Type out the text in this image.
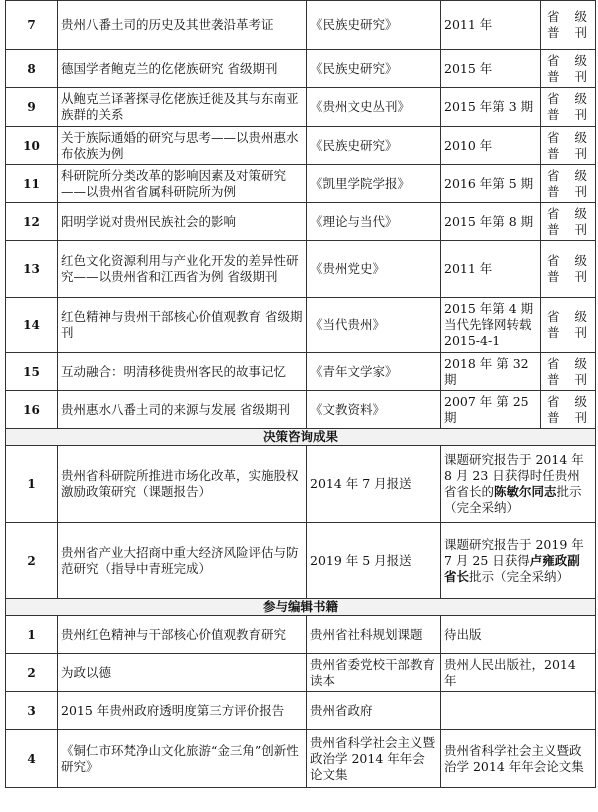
7	贵州八番土司的历史及其世袭沿革考证	《民族史研究》	2011 年	省 级 普 刊
8	德国学者鲍克兰的仡佬族研究 省级期刊	《民族史研究》	2015 年	省 级 普 刊
9	从鲍克兰译著探寻仡佬族迁徙及其与东南亚族群的关系	《贵州文史丛刊》	2015 年第 3 期	省 级 普 刊
10	关于族际通婚的研究与思考——以贵州惠水布依族为例	《民族史研究》	2010 年	省 级 普 刊
11	科研院所分类改革的影响因素及对策研究——以贵州省省属科研院所为例	《凯里学院学报》	2016 年第 5 期	省 级 普 刊
12	阳明学说对贵州民族社会的影响	《理论与当代》	2015 年第 8 期	省 级 普 刊
13	红色文化资源利用与产业化开发的差异性研究——以贵州省和江西省为例 省级期刊	《贵州党史》	2011 年	省 级 普 刊
14	红色精神与贵州干部核心价值观教育 省级期刊	《当代贵州》	2015 年第 4 期 当代先锋网转载 2015-4-1	省 级 普 刊
15	互动融合：明清移徙贵州客民的故事记忆	《青年文学家》	2018 年 第 32 期	省 级 普 刊
16	贵州惠水八番土司的来源与发展 省级期刊	《文教资料》	2007 年 第 25 期	省 级 普 刊
决策咨询成果				
1	贵州省科研院所推进市场化改革，实施股权激励政策研究（课题报告）	2014 年 7 月报送	课题研究报告于 2014 年 8 月 23 日获得时任贵州省省长的陈敏尔同志批示（完全采纳）	
2	贵州省产业大招商中重大经济风险评估与防范研究（指导中青班完成）	2019 年 5 月报送	课题研究报告于 2019 年 7 月 25 日获得卢雍政副省长批示（完全采纳）	
参与编辑书籍				
1	贵州红色精神与干部核心价值观教育研究	贵州省社科规划课题	待出版	
2	为政以德	贵州省委党校干部教育读本	贵州人民出版社，2014 年	
3	2015 年贵州政府透明度第三方评价报告	贵州省政府		
4	《铜仁市环梵净山文化旅游“金三角”创新性研究》	贵州省科学社会主义暨政治学 2014 年年会论文集	贵州省科学社会主义暨政治学 2014 年年会论文集	
